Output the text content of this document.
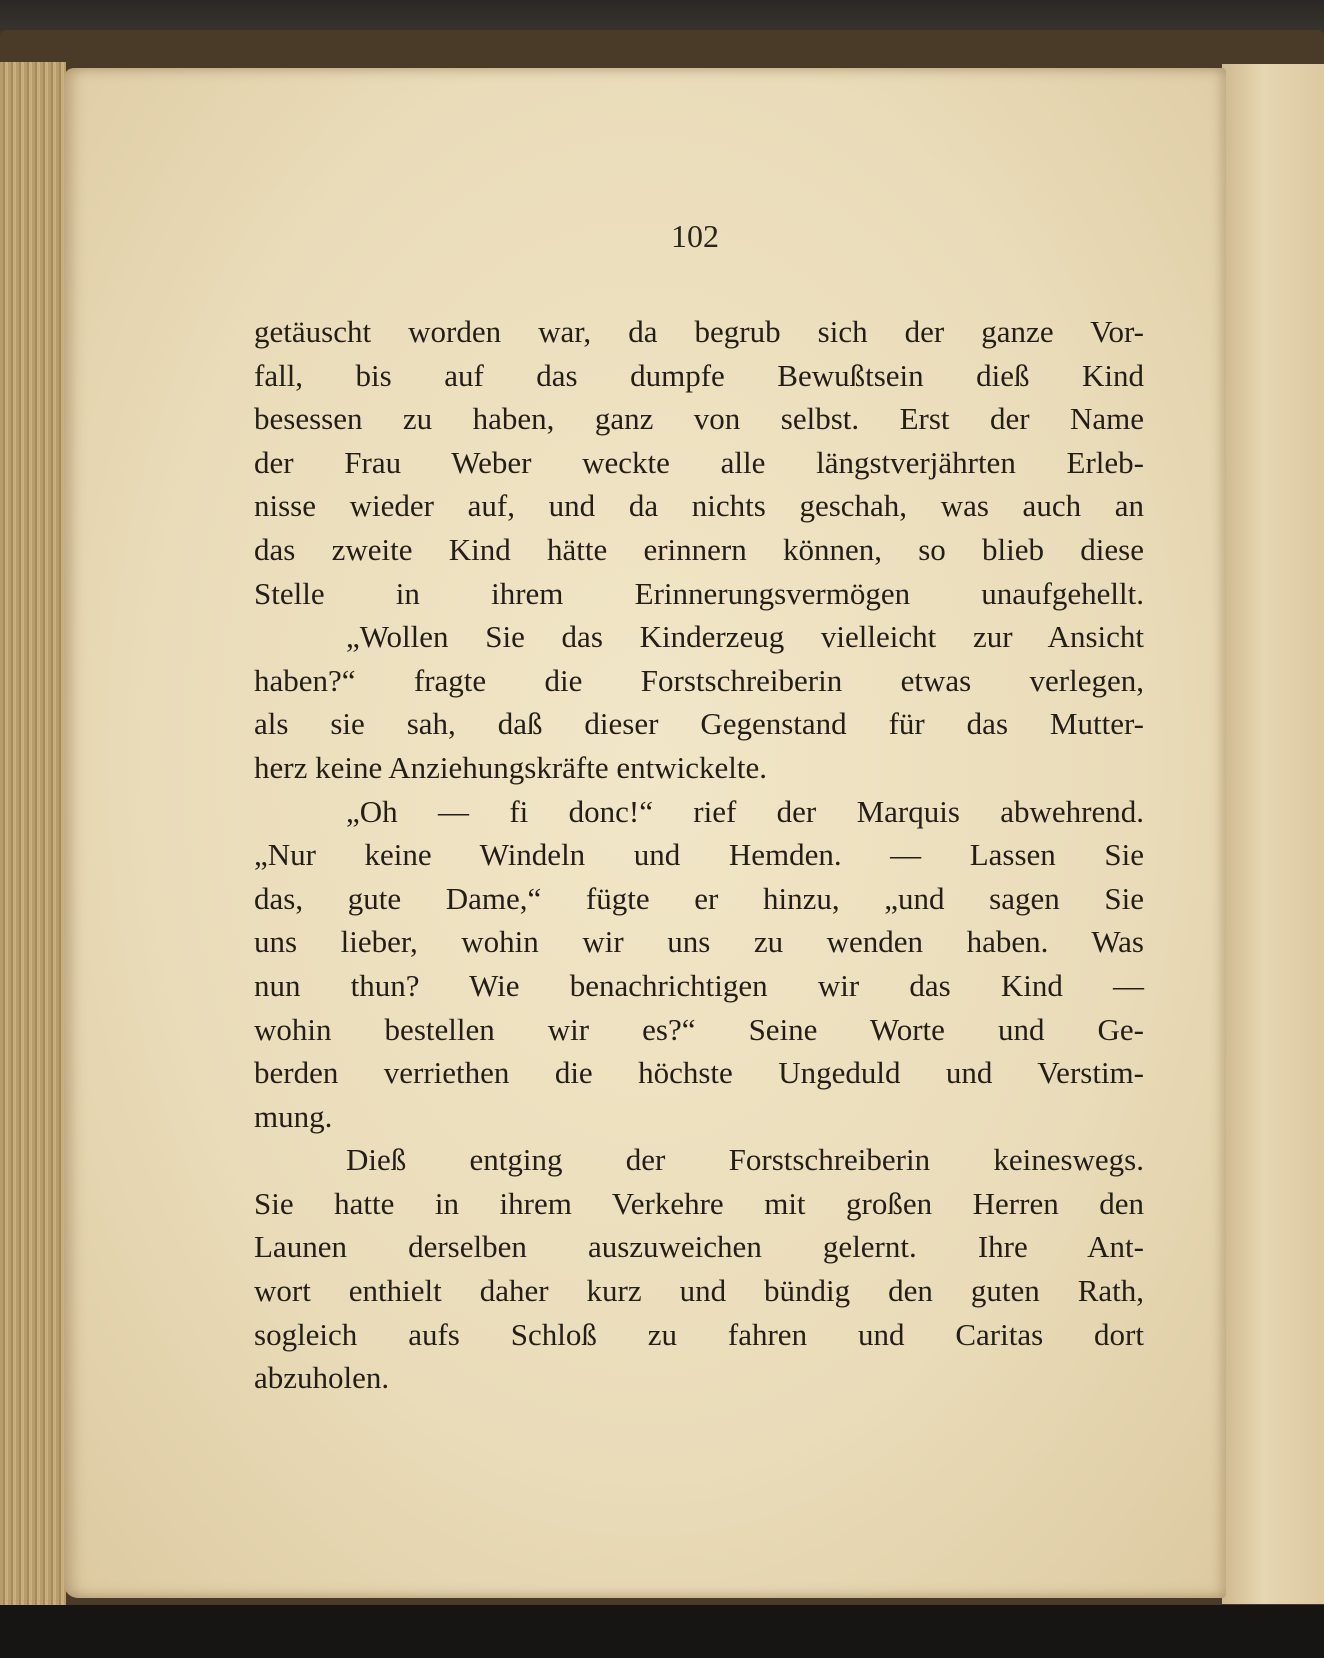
102
getäuscht worden war, da begrub sich der ganze Vor-
fall, bis auf das dumpfe Bewußtsein dieß Kind
besessen zu haben, ganz von selbst. Erst der Name
der Frau Weber weckte alle längstverjährten Erleb-
nisse wieder auf, und da nichts geschah, was auch an
das zweite Kind hätte erinnern können, so blieb diese
Stelle in ihrem Erinnerungsvermögen unaufgehellt.
„Wollen Sie das Kinderzeug vielleicht zur Ansicht
haben?“ fragte die Forstschreiberin etwas verlegen,
als sie sah, daß dieser Gegenstand für das Mutter-
herz keine Anziehungskräfte entwickelte.
„Oh — fi donc!“ rief der Marquis abwehrend.
„Nur keine Windeln und Hemden. — Lassen Sie
das, gute Dame,“ fügte er hinzu, „und sagen Sie
uns lieber, wohin wir uns zu wenden haben. Was
nun thun? Wie benachrichtigen wir das Kind —
wohin bestellen wir es?“ Seine Worte und Ge-
berden verriethen die höchste Ungeduld und Verstim-
mung.
Dieß entging der Forstschreiberin keineswegs.
Sie hatte in ihrem Verkehre mit großen Herren den
Launen derselben auszuweichen gelernt. Ihre Ant-
wort enthielt daher kurz und bündig den guten Rath,
sogleich aufs Schloß zu fahren und Caritas dort
abzuholen.
